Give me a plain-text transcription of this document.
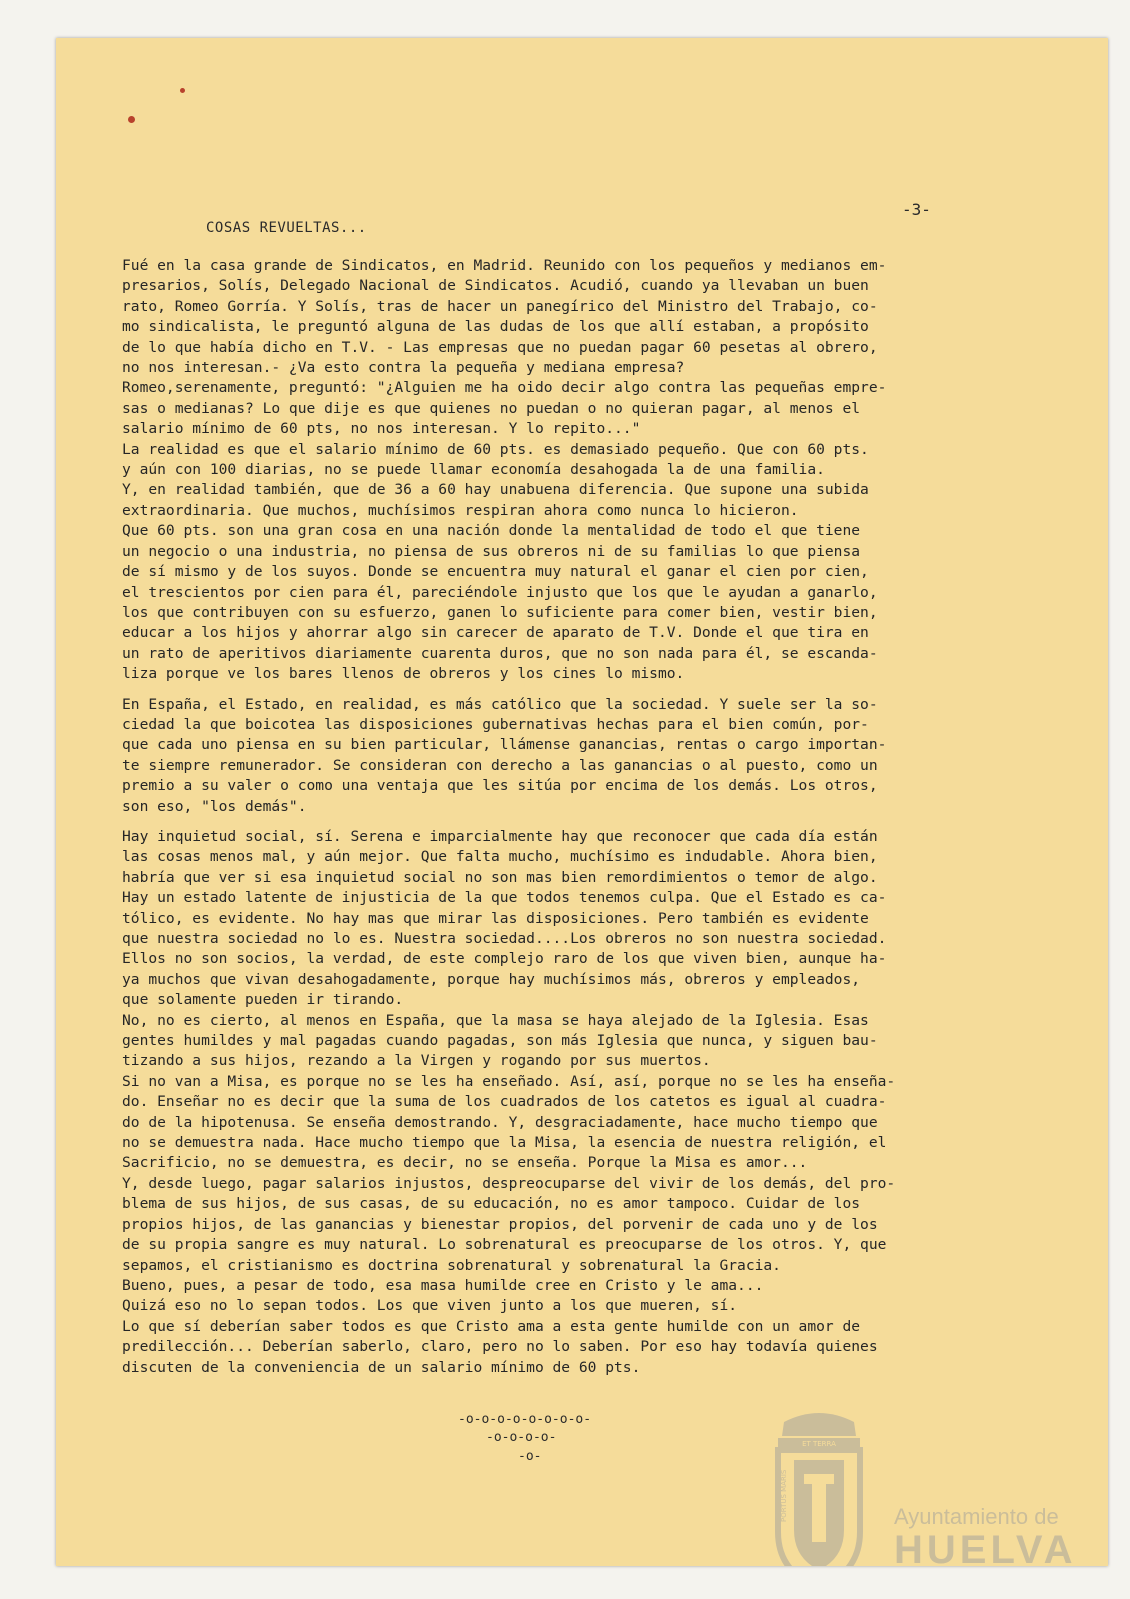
-3-
COSAS REVUELTAS...

Fué en la casa grande de Sindicatos, en Madrid. Reunido con los pequeños y medianos em-
presarios, Solís, Delegado Nacional de Sindicatos. Acudió, cuando ya llevaban un buen
rato, Romeo Gorría. Y Solís, tras de hacer un panegírico del Ministro del Trabajo, co-
mo sindicalista, le preguntó alguna de las dudas de los que allí estaban, a propósito
de lo que había dicho en T.V. - Las empresas que no puedan pagar 60 pesetas al obrero,
no nos interesan.- ¿Va esto contra la pequeña y mediana empresa?
Romeo,serenamente, preguntó: "¿Alguien me ha oido decir algo contra las pequeñas empre-
sas o medianas? Lo que dije es que quienes no puedan o no quieran pagar, al menos el
salario mínimo de 60 pts, no nos interesan. Y lo repito..."
La realidad es que el salario mínimo de 60 pts. es demasiado pequeño. Que con 60 pts.
y aún con 100 diarias, no se puede llamar economía desahogada la de una familia.
Y, en realidad también, que de 36 a 60 hay unabuena diferencia. Que supone una subida
extraordinaria. Que muchos, muchísimos respiran ahora como nunca lo hicieron.
Que 60 pts. son una gran cosa en una nación donde la mentalidad de todo el que tiene
un negocio o una industria, no piensa de sus obreros ni de su familias lo que piensa
de sí mismo y de los suyos. Donde se encuentra muy natural el ganar el cien por cien,
el trescientos por cien para él, pareciéndole injusto que los que le ayudan a ganarlo,
los que contribuyen con su esfuerzo, ganen lo suficiente para comer bien, vestir bien,
educar a los hijos y ahorrar algo sin carecer de aparato de T.V. Donde el que tira en
un rato de aperitivos diariamente cuarenta duros, que no son nada para él, se escanda-
liza porque ve los bares llenos de obreros y los cines lo mismo.

En España, el Estado, en realidad, es más católico que la sociedad. Y suele ser la so-
ciedad la que boicotea las disposiciones gubernativas hechas para el bien común, por-
que cada uno piensa en su bien particular, llámense ganancias, rentas o cargo importan-
te siempre remunerador. Se consideran con derecho a las ganancias o al puesto, como un
premio a su valer o como una ventaja que les sitúa por encima de los demás. Los otros,
son eso, "los demás".

Hay inquietud social, sí. Serena e imparcialmente hay que reconocer que cada día están
las cosas menos mal, y aún mejor. Que falta mucho, muchísimo es indudable. Ahora bien,
habría que ver si esa inquietud social no son mas bien remordimientos o temor de algo.
Hay un estado latente de injusticia de la que todos tenemos culpa. Que el Estado es ca-
tólico, es evidente. No hay mas que mirar las disposiciones. Pero también es evidente
que nuestra sociedad no lo es. Nuestra sociedad....Los obreros no son nuestra sociedad.
Ellos no son socios, la verdad, de este complejo raro de los que viven bien, aunque ha-
ya muchos que vivan desahogadamente, porque hay muchísimos más, obreros y empleados,
que solamente pueden ir tirando.
No, no es cierto, al menos en España, que la masa se haya alejado de la Iglesia. Esas
gentes humildes y mal pagadas cuando pagadas, son más Iglesia que nunca, y siguen bau-
tizando a sus hijos, rezando a la Virgen y rogando por sus muertos.
Si no van a Misa, es porque no se les ha enseñado. Así, así, porque no se les ha enseña-
do. Enseñar no es decir que la suma de los cuadrados de los catetos es igual al cuadra-
do de la hipotenusa. Se enseña demostrando. Y, desgraciadamente, hace mucho tiempo que
no se demuestra nada. Hace mucho tiempo que la Misa, la esencia de nuestra religión, el
Sacrificio, no se demuestra, es decir, no se enseña. Porque la Misa es amor...
Y, desde luego, pagar salarios injustos, despreocuparse del vivir de los demás, del pro-
blema de sus hijos, de sus casas, de su educación, no es amor tampoco. Cuidar de los
propios hijos, de las ganancias y bienestar propios, del porvenir de cada uno y de los
de su propia sangre es muy natural. Lo sobrenatural es preocuparse de los otros. Y, que
sepamos, el cristianismo es doctrina sobrenatural y sobrenatural la Gracia.
Bueno, pues, a pesar de todo, esa masa humilde cree en Cristo y le ama...
Quizá eso no lo sepan todos. Los que viven junto a los que mueren, sí.
Lo que sí deberían saber todos es que Cristo ama a esta gente humilde con un amor de
predilección... Deberían saberlo, claro, pero no lo saben. Por eso hay todavía quienes
discuten de la conveniencia de un salario mínimo de 60 pts.

-o-o-o-o-o-o-o-o-
-o-o-o-o-
-o-
ET TERRA
PORTUS MARIS	Ayuntamiento de
HUELVA
